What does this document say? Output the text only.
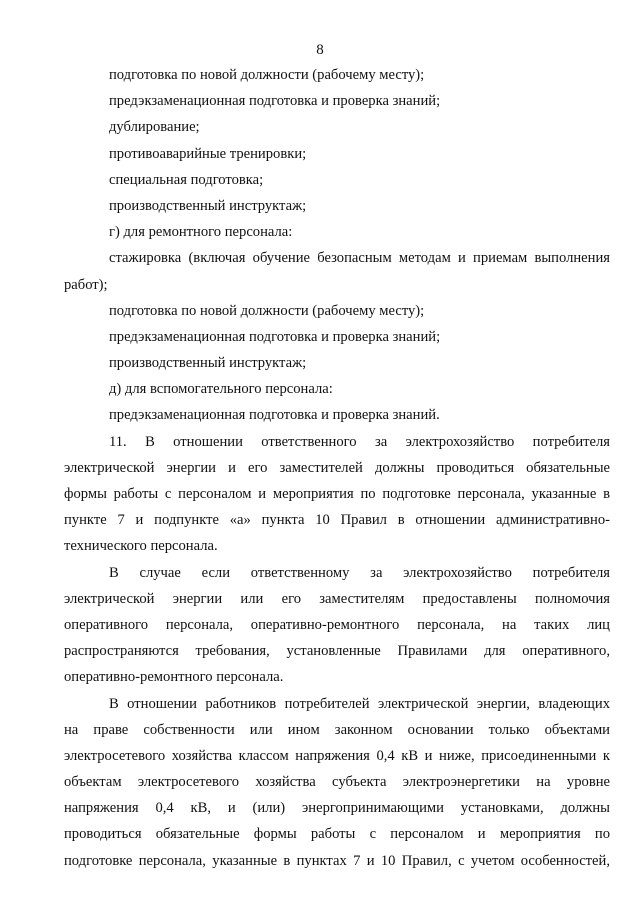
8
подготовка по новой должности (рабочему месту);
предэкзаменационная подготовка и проверка знаний;
дублирование;
противоаварийные тренировки;
специальная подготовка;
производственный инструктаж;
г) для ремонтного персонала:
стажировка (включая обучение безопасным методам и приемам выполнения
работ);
подготовка по новой должности (рабочему месту);
предэкзаменационная подготовка и проверка знаний;
производственный инструктаж;
д) для вспомогательного персонала:
предэкзаменационная подготовка и проверка знаний.
11. В отношении ответственного за электрохозяйство потребителя
электрической энергии и его заместителей должны проводиться обязательные
формы работы с персоналом и мероприятия по подготовке персонала, указанные в
пункте 7 и подпункте «а» пункта 10 Правил в отношении административно-
технического персонала.
В случае если ответственному за электрохозяйство потребителя
электрической энергии или его заместителям предоставлены полномочия
оперативного персонала, оперативно-ремонтного персонала, на таких лиц
распространяются требования, установленные Правилами для оперативного,
оперативно-ремонтного персонала.
В отношении работников потребителей электрической энергии, владеющих
на праве собственности или ином законном основании только объектами
электросетевого хозяйства классом напряжения 0,4 кВ и ниже, присоединенными к
объектам электросетевого хозяйства субъекта электроэнергетики на уровне
напряжения 0,4 кВ, и (или) энергопринимающими установками, должны
проводиться обязательные формы работы с персоналом и мероприятия по
подготовке персонала, указанные в пунктах 7 и 10 Правил, с учетом особенностей,
